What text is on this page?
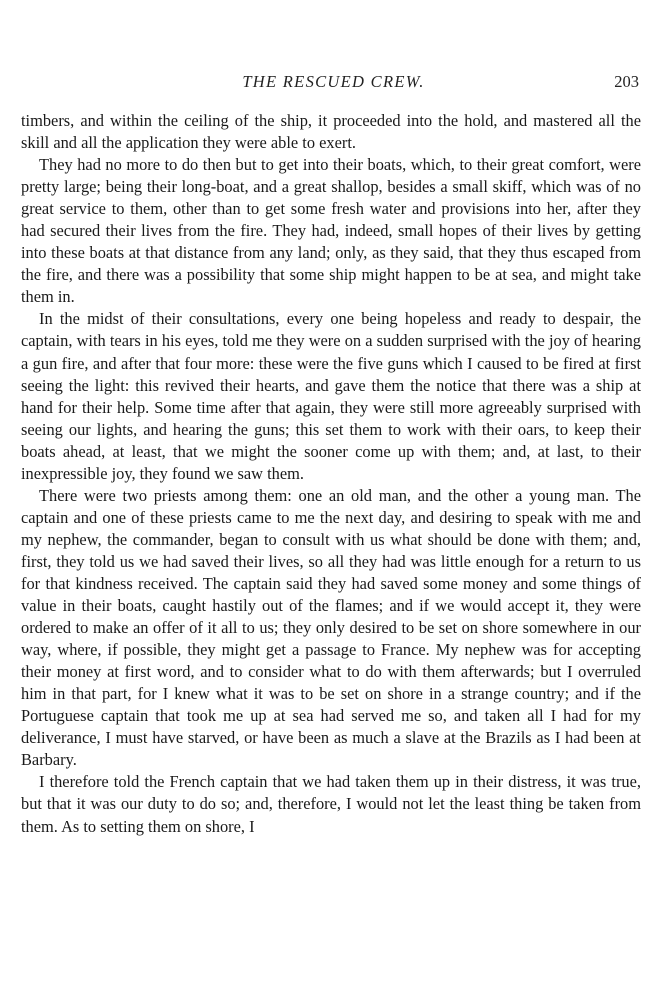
THE RESCUED CREW.	203

timbers, and within the ceiling of the ship, it proceeded into the hold, and mastered all the skill and all the application they were able to exert.

They had no more to do then but to get into their boats, which, to their great comfort, were pretty large; being their long-boat, and a great shallop, besides a small skiff, which was of no great service to them, other than to get some fresh water and provisions into her, after they had secured their lives from the fire. They had, indeed, small hopes of their lives by getting into these boats at that distance from any land; only, as they said, that they thus escaped from the fire, and there was a possibility that some ship might happen to be at sea, and might take them in.

In the midst of their consultations, every one being hopeless and ready to despair, the captain, with tears in his eyes, told me they were on a sudden surprised with the joy of hearing a gun fire, and after that four more: these were the five guns which I caused to be fired at first seeing the light: this revived their hearts, and gave them the notice that there was a ship at hand for their help. Some time after that again, they were still more agreeably surprised with seeing our lights, and hearing the guns; this set them to work with their oars, to keep their boats ahead, at least, that we might the sooner come up with them; and, at last, to their inexpressible joy, they found we saw them.

There were two priests among them: one an old man, and the other a young man. The captain and one of these priests came to me the next day, and desiring to speak with me and my nephew, the commander, began to consult with us what should be done with them; and, first, they told us we had saved their lives, so all they had was little enough for a return to us for that kindness received. The captain said they had saved some money and some things of value in their boats, caught hastily out of the flames; and if we would accept it, they were ordered to make an offer of it all to us; they only desired to be set on shore somewhere in our way, where, if possible, they might get a passage to France. My nephew was for accepting their money at first word, and to consider what to do with them afterwards; but I overruled him in that part, for I knew what it was to be set on shore in a strange country; and if the Portuguese captain that took me up at sea had served me so, and taken all I had for my deliverance, I must have starved, or have been as much a slave at the Brazils as I had been at Barbary.

I therefore told the French captain that we had taken them up in their distress, it was true, but that it was our duty to do so; and, therefore, I would not let the least thing be taken from them. As to setting them on shore, I
